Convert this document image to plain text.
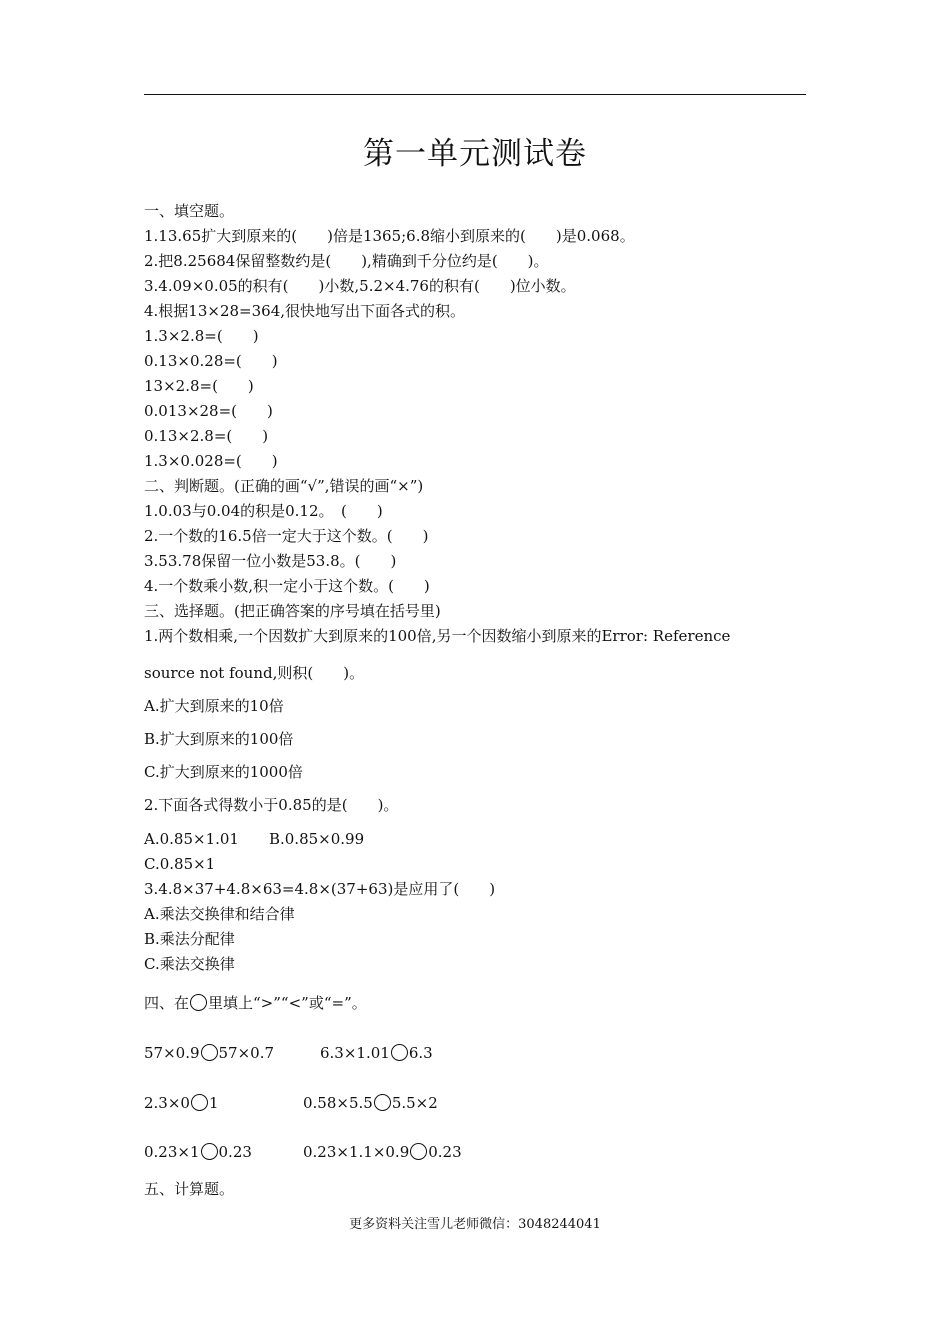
第一单元测试卷
一、填空题。
1.13.65扩大到原来的(　　)倍是1365;6.8缩小到原来的(　　)是0.068。
2.把8.25684保留整数约是(　　),精确到千分位约是(　　)。
3.4.09×0.05的积有(　　)小数,5.2×4.76的积有(　　)位小数。
4.根据13×28=364,很快地写出下面各式的积。
1.3×2.8=(　　)
0.13×0.28=(　　)
13×2.8=(　　)
0.013×28=(　　)
0.13×2.8=(　　)
1.3×0.028=(　　)
二、判断题。(正确的画“√”,错误的画“×”)
1.0.03与0.04的积是0.12。　(　　)
2.一个数的16.5倍一定大于这个数。(　　)
3.53.78保留一位小数是53.8。(　　)
4.一个数乘小数,积一定小于这个数。(　　)
三、选择题。(把正确答案的序号填在括号里)
1.两个数相乘,一个因数扩大到原来的100倍,另一个因数缩小到原来的Error: Reference
source not found,则积(　　)。
A.扩大到原来的10倍
B.扩大到原来的100倍
C.扩大到原来的1000倍
2.下面各式得数小于0.85的是(　　)。
A.0.85×1.01　　B.0.85×0.99
C.0.85×1
3.4.8×37+4.8×63=4.8×(37+63)是应用了(　　)
A.乘法交换律和结合律
B.乘法分配律
C.乘法交换律
四、在 里填上“>”“<”或“=”。
57×0.9 57×0.7	6.3×1.01 6.3
2.3×0 1	0.58×5.5 5.5×2
0.23×1 0.23	0.23×1.1×0.9 0.23
五、计算题。
更多资料关注雪儿老师微信：3048244041
